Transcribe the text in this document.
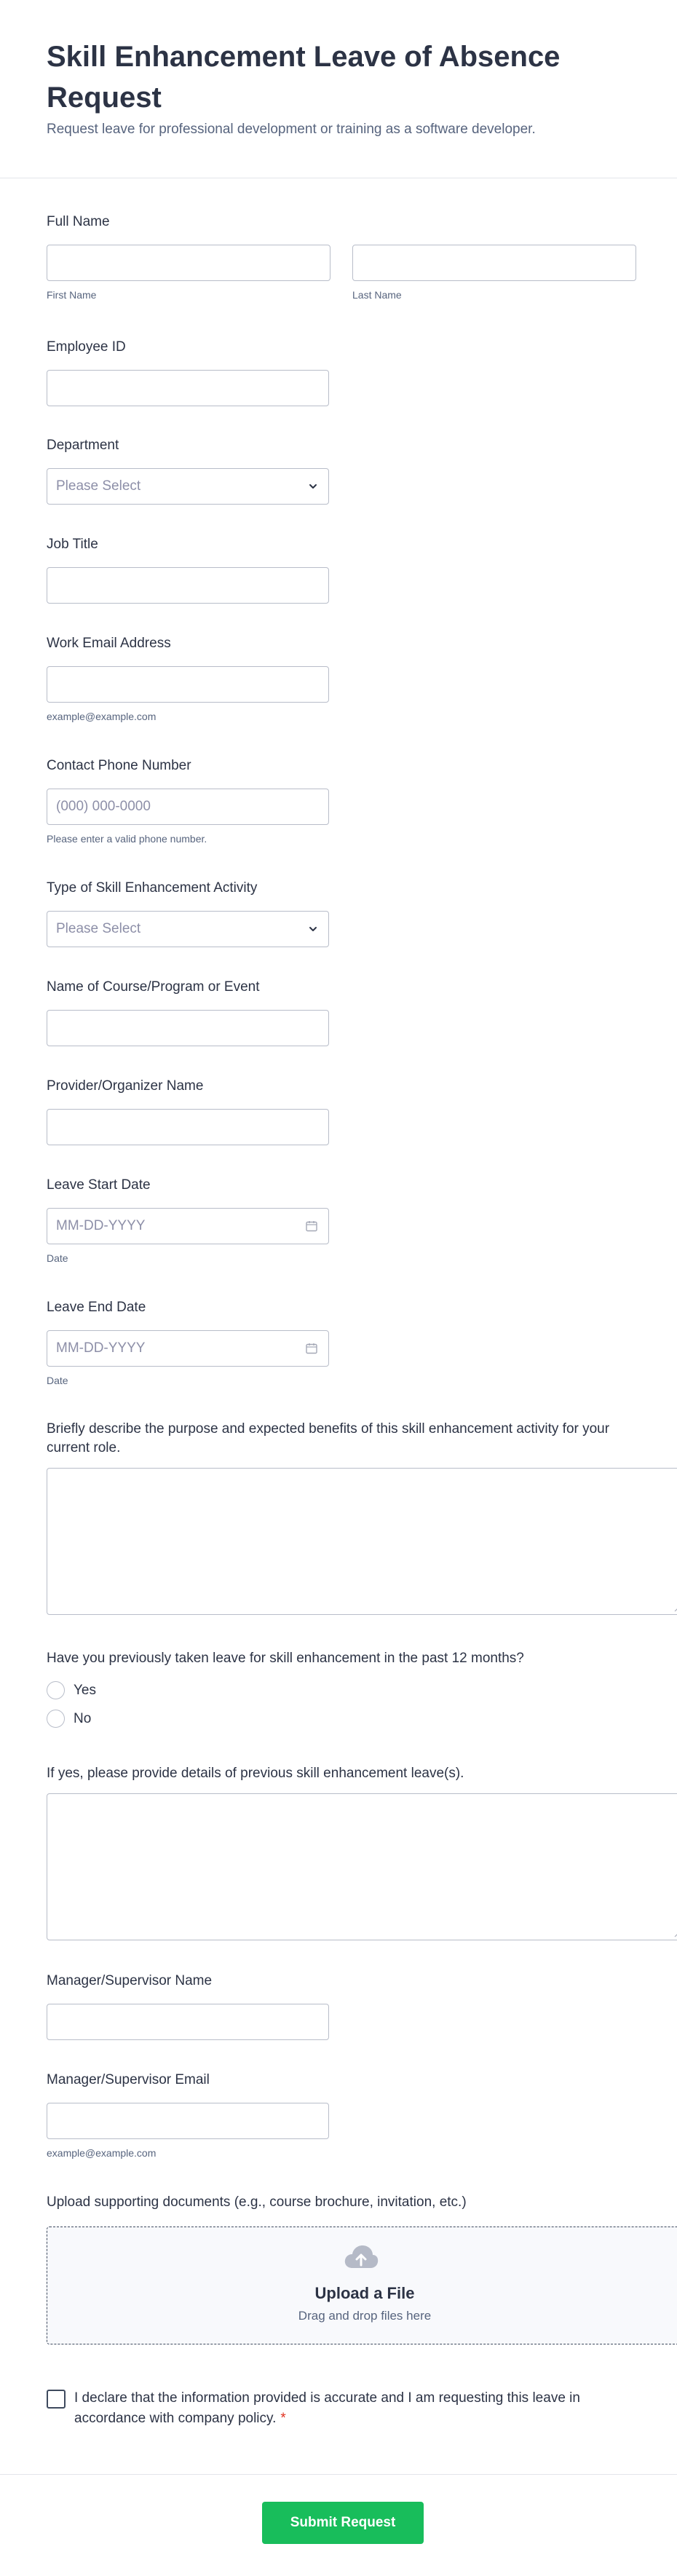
Skill Enhancement Leave of Absence Request
Request leave for professional development or training as a software developer.
Full Name
First Name	Last Name
Employee ID
Department
Please Select
Job Title
Work Email Address
example@example.com
Contact Phone Number
(000) 000-0000
Please enter a valid phone number.
Type of Skill Enhancement Activity
Please Select
Name of Course/Program or Event
Provider/Organizer Name
Leave Start Date
MM-DD-YYYY
Date
Leave End Date
MM-DD-YYYY
Date
Briefly describe the purpose and expected benefits of this skill enhancement activity for your current role.
Have you previously taken leave for skill enhancement in the past 12 months?
Yes
No
If yes, please provide details of previous skill enhancement leave(s).
Manager/Supervisor Name
Manager/Supervisor Email
example@example.com
Upload supporting documents (e.g., course brochure, invitation, etc.)
Upload a File
Drag and drop files here
I declare that the information provided is accurate and I am requesting this leave in accordance with company policy. *
Submit Request
